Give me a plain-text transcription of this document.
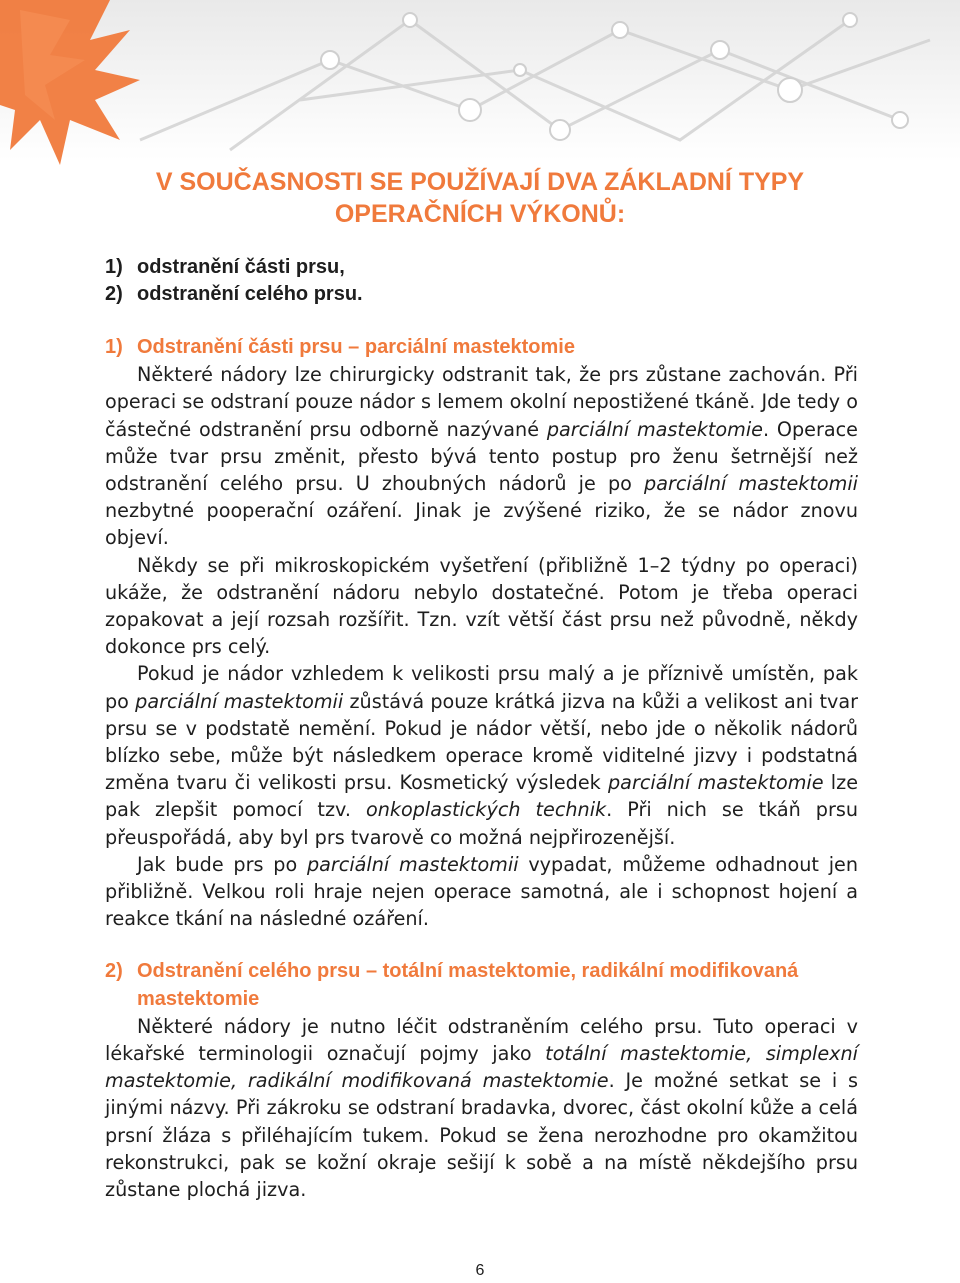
V SOUČASNOSTI SE POUŽÍVAJÍ DVA ZÁKLADNÍ TYPY
OPERAČNÍCH VÝKONŮ:
1) odstranění části prsu,
2) odstranění celého prsu.
1) Odstranění části prsu – parciální mastektomie

Některé nádory lze chirurgicky odstranit tak, že prs zůstane zachován. Při operaci se odstraní pouze nádor s lemem okolní nepostižené tkáně. Jde tedy o částečné odstranění prsu odborně nazývané parciální mastektomie. Operace může tvar prsu změnit, přesto bývá tento postup pro ženu šetrnější než odstranění celého prsu. U zhoubných nádorů je po parciální mastektomii nezbytné pooperační ozáření. Jinak je zvýšené riziko, že se nádor znovu objeví.

Někdy se při mikroskopickém vyšetření (přibližně 1–2 týdny po operaci) ukáže, že odstranění nádoru nebylo dostatečné. Potom je třeba operaci zopakovat a její rozsah rozšířit. Tzn. vzít větší část prsu než původně, někdy dokonce prs celý.

Pokud je nádor vzhledem k velikosti prsu malý a je příznivě umístěn, pak po parciální mastektomii zůstává pouze krátká jizva na kůži a velikost ani tvar prsu se v podstatě nemění. Pokud je nádor větší, nebo jde o několik nádorů blízko sebe, může být následkem operace kromě viditelné jizvy i podstatná změna tvaru či velikosti prsu. Kosmetický výsledek parciální mastektomie lze pak zlepšit pomocí tzv. onkoplastických technik. Při nich se tkáň prsu přeuspořádá, aby byl prs tvarově co možná nejpřirozenější.

Jak bude prs po parciální mastektomii vypadat, můžeme odhadnout jen přibližně. Velkou roli hraje nejen operace samotná, ale i schopnost hojení a reakce tkání na následné ozáření.

2) Odstranění celého prsu – totální mastektomie, radikální modifikovaná mastektomie

Některé nádory je nutno léčit odstraněním celého prsu. Tuto operaci v lékařské terminologii označují pojmy jako totální mastektomie, simplexní mastektomie, radikální modifikovaná mastektomie. Je možné setkat se i s jinými názvy. Při zákroku se odstraní bradavka, dvorec, část okolní kůže a celá prsní žláza s přiléhajícím tukem. Pokud se žena nerozhodne pro okamžitou rekonstrukci, pak se kožní okraje sešijí k sobě a na místě někdejšího prsu zůstane plochá jizva.

6
